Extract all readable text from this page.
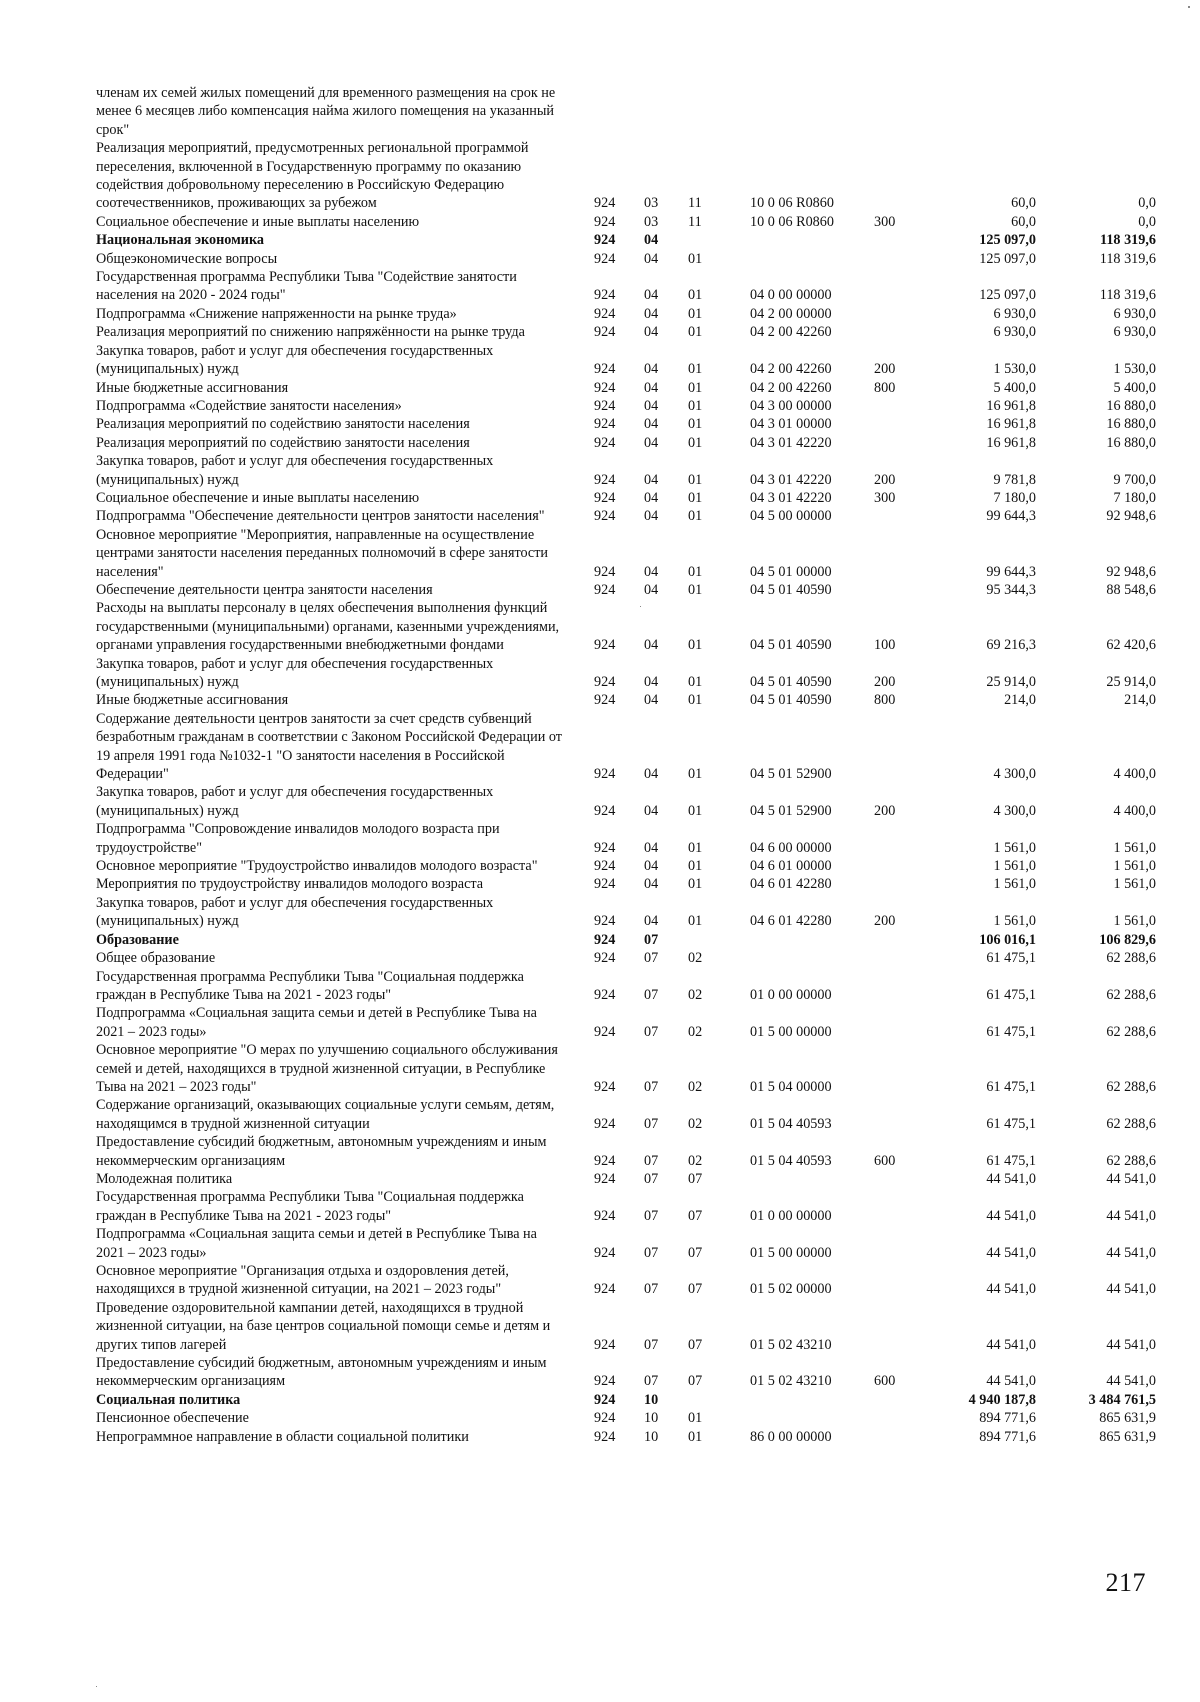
членам их семей жилых помещений для временного размещения на срок не менее 6 месяцев либо компенсация найма жилого помещения на указанный срок"							
Реализация мероприятий, предусмотренных региональной программой переселения, включенной в Государственную программу по оказанию содействия добровольному переселению в Российскую Федерацию соотечественников, проживающих за рубежом	924	03	11	10 0 06 R0860		60,0	0,0
Социальное обеспечение и иные выплаты населению	924	03	11	10 0 06 R0860	300	60,0	0,0
Национальная экономика	924	04				125 097,0	118 319,6
Общеэкономические вопросы	924	04	01			125 097,0	118 319,6
Государственная программа Республики Тыва "Содействие занятости населения на 2020 - 2024 годы"	924	04	01	04 0 00 00000		125 097,0	118 319,6
Подпрограмма «Снижение напряженности на рынке труда»	924	04	01	04 2 00 00000		6 930,0	6 930,0
Реализация мероприятий по снижению напряжённости на рынке труда	924	04	01	04 2 00 42260		6 930,0	6 930,0
Закупка товаров, работ и услуг для обеспечения государственных (муниципальных) нужд	924	04	01	04 2 00 42260	200	1 530,0	1 530,0
Иные бюджетные ассигнования	924	04	01	04 2 00 42260	800	5 400,0	5 400,0
Подпрограмма «Содействие занятости населения»	924	04	01	04 3 00 00000		16 961,8	16 880,0
Реализация мероприятий по содействию занятости населения	924	04	01	04 3 01 00000		16 961,8	16 880,0
Реализация мероприятий по содействию занятости населения	924	04	01	04 3 01 42220		16 961,8	16 880,0
Закупка товаров, работ и услуг для обеспечения государственных (муниципальных) нужд	924	04	01	04 3 01 42220	200	9 781,8	9 700,0
Социальное обеспечение и иные выплаты населению	924	04	01	04 3 01 42220	300	7 180,0	7 180,0
Подпрограмма "Обеспечение деятельности центров занятости населения"	924	04	01	04 5 00 00000		99 644,3	92 948,6
Основное мероприятие "Мероприятия, направленные на осуществление центрами занятости населения переданных полномочий в сфере занятости населения"	924	04	01	04 5 01 00000		99 644,3	92 948,6
Обеспечение деятельности центра занятости населения	924	04	01	04 5 01 40590		95 344,3	88 548,6
Расходы на выплаты персоналу в целях обеспечения выполнения функций государственными (муниципальными) органами, казенными учреждениями, органами управления государственными внебюджетными фондами	924	04	01	04 5 01 40590	100	69 216,3	62 420,6
Закупка товаров, работ и услуг для обеспечения государственных (муниципальных) нужд	924	04	01	04 5 01 40590	200	25 914,0	25 914,0
Иные бюджетные ассигнования	924	04	01	04 5 01 40590	800	214,0	214,0
Содержание деятельности центров занятости за счет средств субвенций безработным гражданам в соответствии с Законом Российской Федерации от 19 апреля 1991 года №1032-1 "О занятости населения в Российской Федерации"	924	04	01	04 5 01 52900		4 300,0	4 400,0
Закупка товаров, работ и услуг для обеспечения государственных (муниципальных) нужд	924	04	01	04 5 01 52900	200	4 300,0	4 400,0
Подпрограмма "Сопровождение инвалидов молодого возраста при трудоустройстве"	924	04	01	04 6 00 00000		1 561,0	1 561,0
Основное мероприятие "Трудоустройство инвалидов молодого возраста"	924	04	01	04 6 01 00000		1 561,0	1 561,0
Мероприятия по трудоустройству инвалидов молодого возраста	924	04	01	04 6 01 42280		1 561,0	1 561,0
Закупка товаров, работ и услуг для обеспечения государственных (муниципальных) нужд	924	04	01	04 6 01 42280	200	1 561,0	1 561,0
Образование	924	07				106 016,1	106 829,6
Общее образование	924	07	02			61 475,1	62 288,6
Государственная программа Республики Тыва "Социальная поддержка граждан в Республике Тыва на 2021 - 2023 годы"	924	07	02	01 0 00 00000		61 475,1	62 288,6
Подпрограмма «Социальная защита семьи и детей в Республике Тыва на 2021 – 2023 годы»	924	07	02	01 5 00 00000		61 475,1	62 288,6
Основное мероприятие "О мерах по улучшению социального обслуживания семей и детей, находящихся в трудной жизненной ситуации, в Республике Тыва на 2021 – 2023 годы"	924	07	02	01 5 04 00000		61 475,1	62 288,6
Содержание организаций, оказывающих социальные услуги семьям, детям, находящимся в трудной жизненной ситуации	924	07	02	01 5 04 40593		61 475,1	62 288,6
Предоставление субсидий бюджетным, автономным учреждениям и иным некоммерческим организациям	924	07	02	01 5 04 40593	600	61 475,1	62 288,6
Молодежная политика	924	07	07			44 541,0	44 541,0
Государственная программа Республики Тыва "Социальная поддержка граждан в Республике Тыва на 2021 - 2023 годы"	924	07	07	01 0 00 00000		44 541,0	44 541,0
Подпрограмма «Социальная защита семьи и детей в Республике Тыва на 2021 – 2023 годы»	924	07	07	01 5 00 00000		44 541,0	44 541,0
Основное мероприятие "Организация отдыха и оздоровления детей, находящихся в трудной жизненной ситуации, на 2021 – 2023 годы"	924	07	07	01 5 02 00000		44 541,0	44 541,0
Проведение оздоровительной кампании детей, находящихся в трудной жизненной ситуации, на базе центров социальной помощи семье и детям и других типов лагерей	924	07	07	01 5 02 43210		44 541,0	44 541,0
Предоставление субсидий бюджетным, автономным учреждениям и иным некоммерческим организациям	924	07	07	01 5 02 43210	600	44 541,0	44 541,0
Социальная политика	924	10				4 940 187,8	3 484 761,5
Пенсионное обеспечение	924	10	01			894 771,6	865 631,9
Непрограммное направление в области социальной политики	924	10	01	86 0 00 00000		894 771,6	865 631,9
217
